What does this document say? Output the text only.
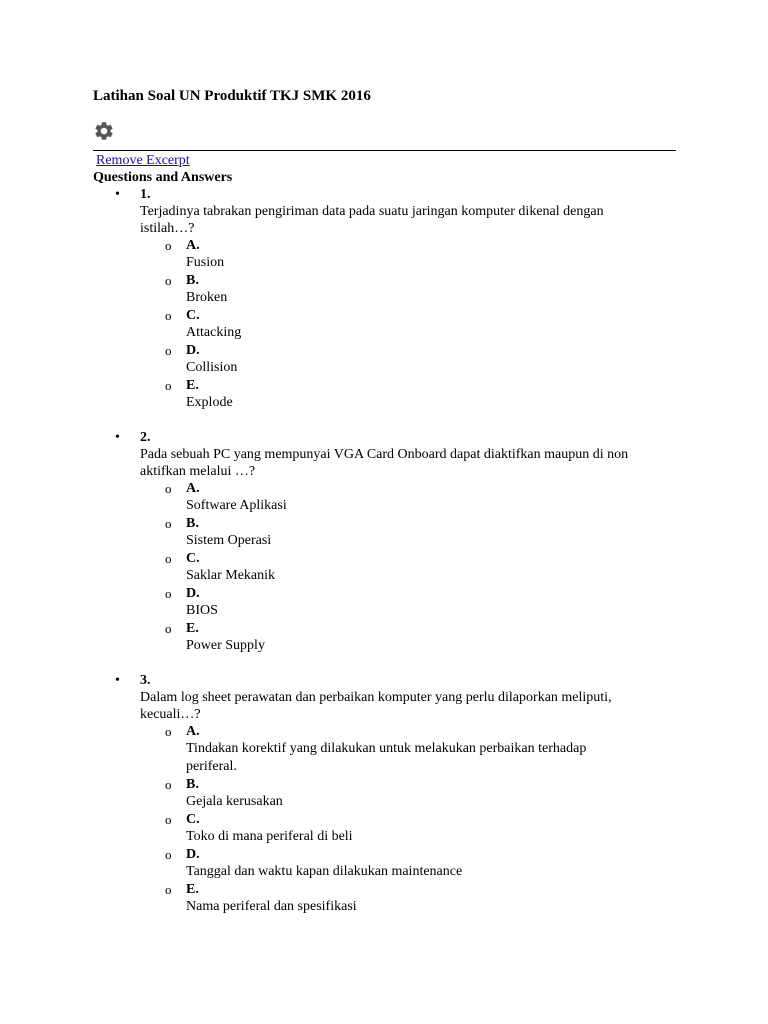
Latihan Soal UN Produktif TKJ SMK 2016

Remove Excerpt

Questions and Answers

• 1.
Terjadinya tabrakan pengiriman data pada suatu jaringan komputer dikenal dengan istilah…?
o A.
Fusion
o B.
Broken
o C.
Attacking
o D.
Collision
o E.
Explode
• 2.
Pada sebuah PC yang mempunyai VGA Card Onboard dapat diaktifkan maupun di non aktifkan melalui …?
o A.
Software Aplikasi
o B.
Sistem Operasi
o C.
Saklar Mekanik
o D.
BIOS
o E.
Power Supply
• 3.
Dalam log sheet perawatan dan perbaikan komputer yang perlu dilaporkan meliputi, kecuali…?
o A.
Tindakan korektif yang dilakukan untuk melakukan perbaikan terhadap periferal.
o B.
Gejala kerusakan
o C.
Toko di mana periferal di beli
o D.
Tanggal dan waktu kapan dilakukan maintenance
o E.
Nama periferal dan spesifikasi
